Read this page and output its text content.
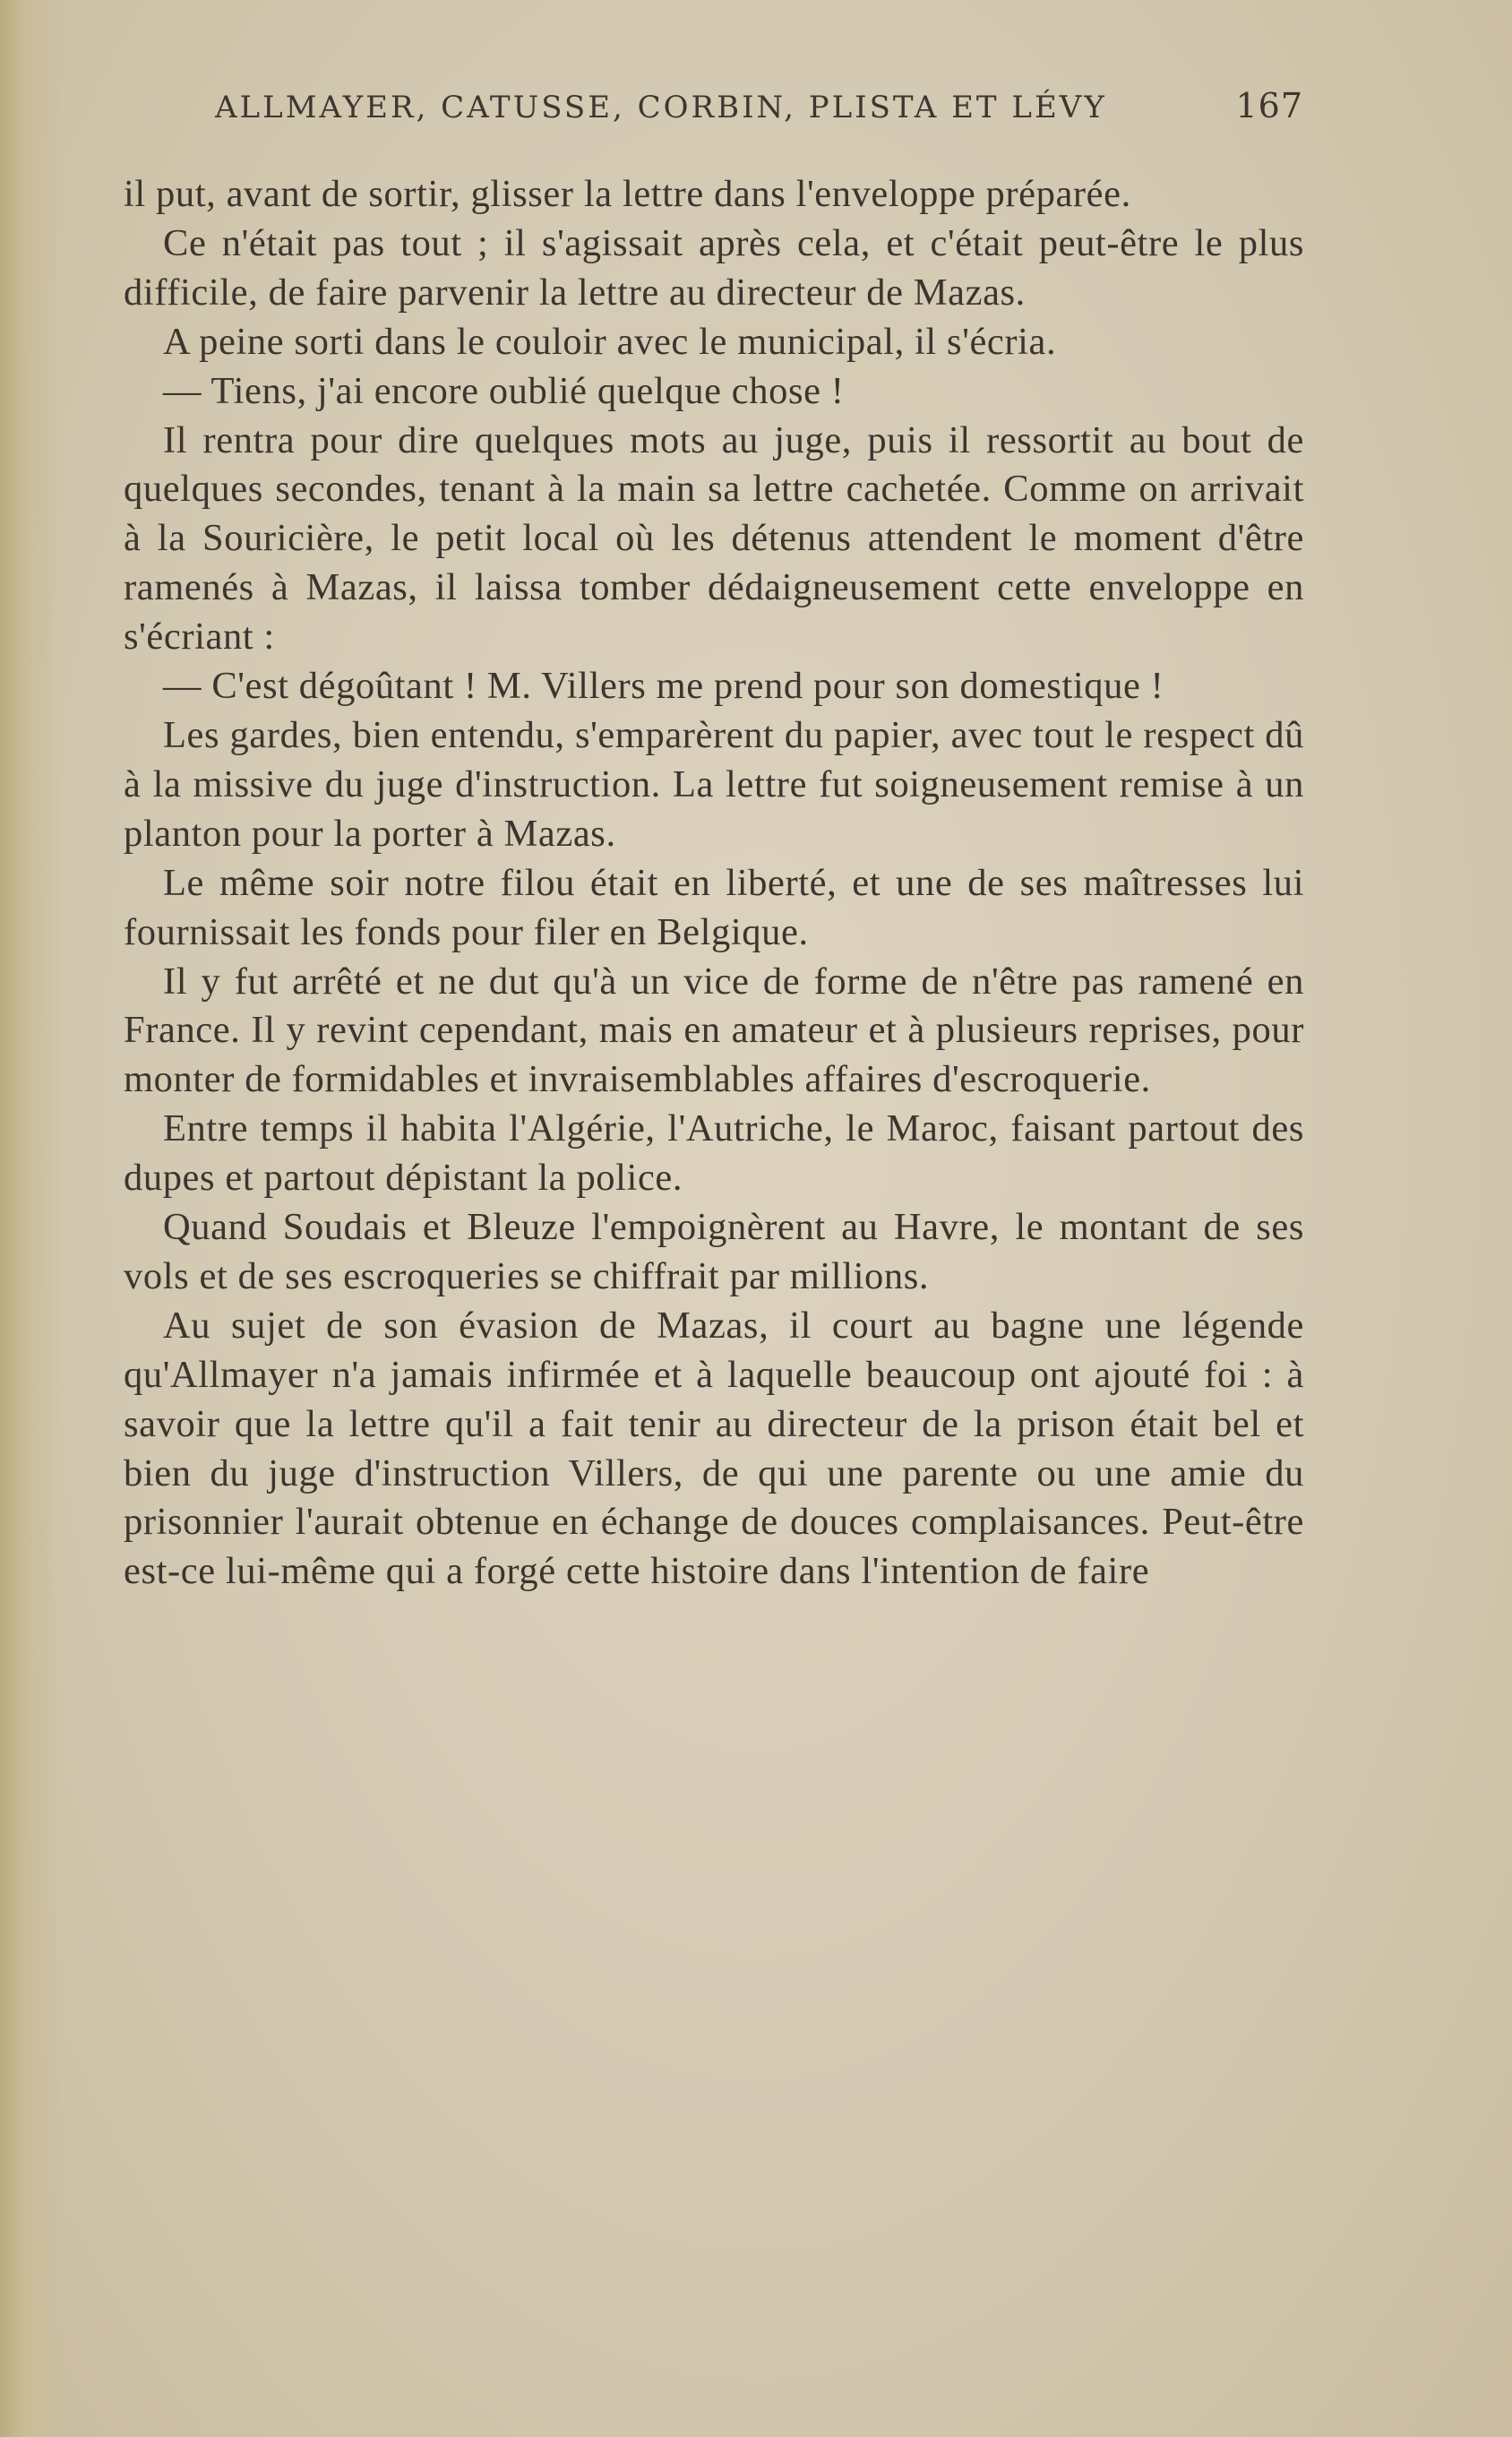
ALLMAYER, CATUSSE, CORBIN, PLISTA ET LÉVY	167

il put, avant de sortir, glisser la lettre dans l'enveloppe préparée.

Ce n'était pas tout ; il s'agissait après cela, et c'était peut-être le plus difficile, de faire parvenir la lettre au directeur de Mazas.

A peine sorti dans le couloir avec le municipal, il s'écria.

— Tiens, j'ai encore oublié quelque chose !

Il rentra pour dire quelques mots au juge, puis il ressortit au bout de quelques secondes, tenant à la main sa lettre cachetée. Comme on arrivait à la Souricière, le petit local où les détenus attendent le moment d'être ramenés à Mazas, il laissa tomber dédaigneusement cette enveloppe en s'écriant :

— C'est dégoûtant ! M. Villers me prend pour son domestique !

Les gardes, bien entendu, s'emparèrent du papier, avec tout le respect dû à la missive du juge d'instruction. La lettre fut soigneusement remise à un planton pour la porter à Mazas.

Le même soir notre filou était en liberté, et une de ses maîtresses lui fournissait les fonds pour filer en Belgique.

Il y fut arrêté et ne dut qu'à un vice de forme de n'être pas ramené en France. Il y revint cependant, mais en amateur et à plusieurs reprises, pour monter de formidables et invraisemblables affaires d'escroquerie.

Entre temps il habita l'Algérie, l'Autriche, le Maroc, faisant partout des dupes et partout dépistant la police.

Quand Soudais et Bleuze l'empoignèrent au Havre, le montant de ses vols et de ses escroqueries se chiffrait par millions.

Au sujet de son évasion de Mazas, il court au bagne une légende qu'Allmayer n'a jamais infirmée et à laquelle beaucoup ont ajouté foi : à savoir que la lettre qu'il a fait tenir au directeur de la prison était bel et bien du juge d'instruction Villers, de qui une parente ou une amie du prisonnier l'aurait obtenue en échange de douces complaisances. Peut-être est-ce lui-même qui a forgé cette histoire dans l'intention de faire
